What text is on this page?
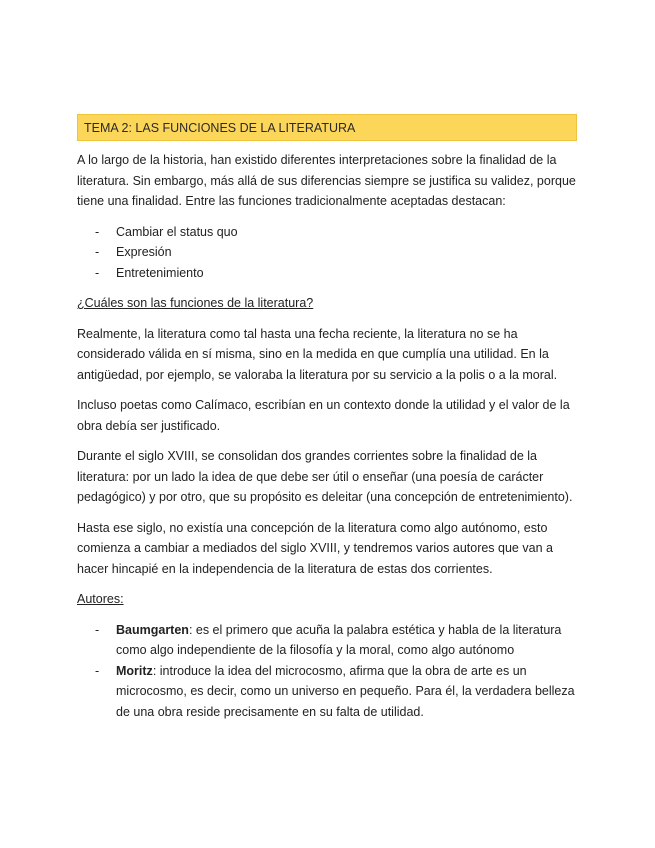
TEMA 2: LAS FUNCIONES DE LA LITERATURA

A lo largo de la historia, han existido diferentes interpretaciones sobre la finalidad de la literatura. Sin embargo, más allá de sus diferencias siempre se justifica su validez, porque tiene una finalidad. Entre las funciones tradicionalmente aceptadas destacan:

- Cambiar el status quo
- Expresión
- Entretenimiento

¿Cuáles son las funciones de la literatura?

Realmente, la literatura como tal hasta una fecha reciente, la literatura no se ha considerado válida en sí misma, sino en la medida en que cumplía una utilidad. En la antigüedad, por ejemplo, se valoraba la literatura por su servicio a la polis o a la moral.

Incluso poetas como Calímaco, escribían en un contexto donde la utilidad y el valor de la obra debía ser justificado.

Durante el siglo XVIII, se consolidan dos grandes corrientes sobre la finalidad de la literatura: por un lado la idea de que debe ser útil o enseñar (una poesía de carácter pedagógico) y por otro, que su propósito es deleitar (una concepción de entretenimiento).

Hasta ese siglo, no existía una concepción de la literatura como algo autónomo, esto comienza a cambiar a mediados del siglo XVIII, y tendremos varios autores que van a hacer hincapié en la independencia de la literatura de estas dos corrientes.

Autores:

- Baumgarten: es el primero que acuña la palabra estética y habla de la literatura como algo independiente de la filosofía y la moral, como algo autónomo
- Moritz: introduce la idea del microcosmo, afirma que la obra de arte es un microcosmo, es decir, como un universo en pequeño. Para él, la verdadera belleza de una obra reside precisamente en su falta de utilidad.
